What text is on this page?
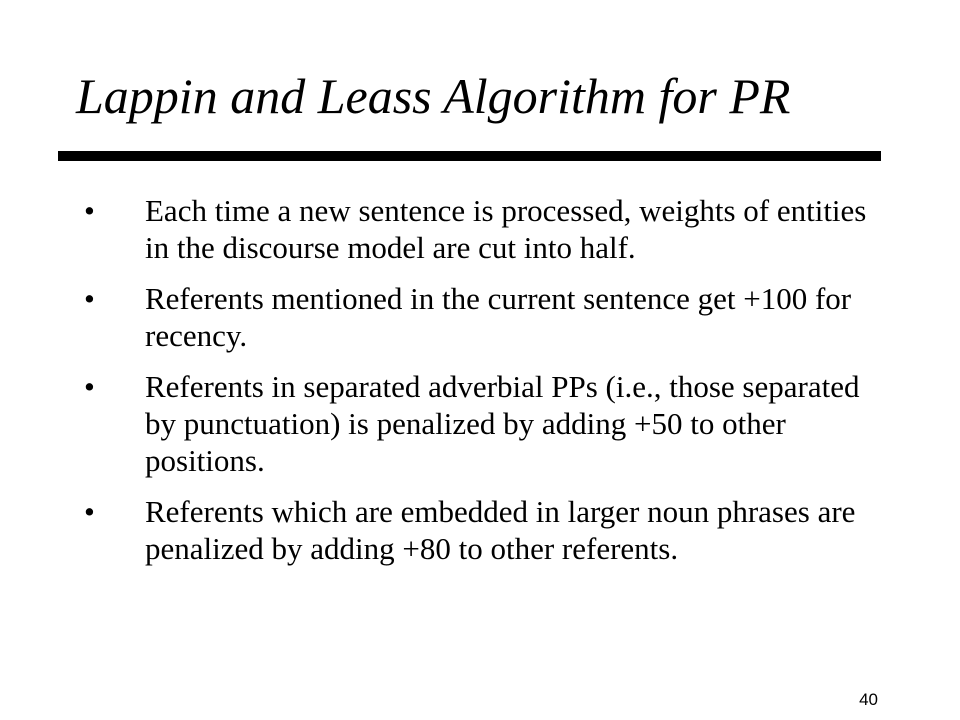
Lappin and Leass Algorithm for PR
• Each time a new sentence is processed, weights of entities in the discourse model are cut into half.
• Referents mentioned in the current sentence get +100 for recency.
• Referents in separated adverbial PPs (i.e., those separated by punctuation) is penalized by adding +50 to other positions.
• Referents which are embedded in larger noun phrases are penalized by adding +80 to other referents.
40
